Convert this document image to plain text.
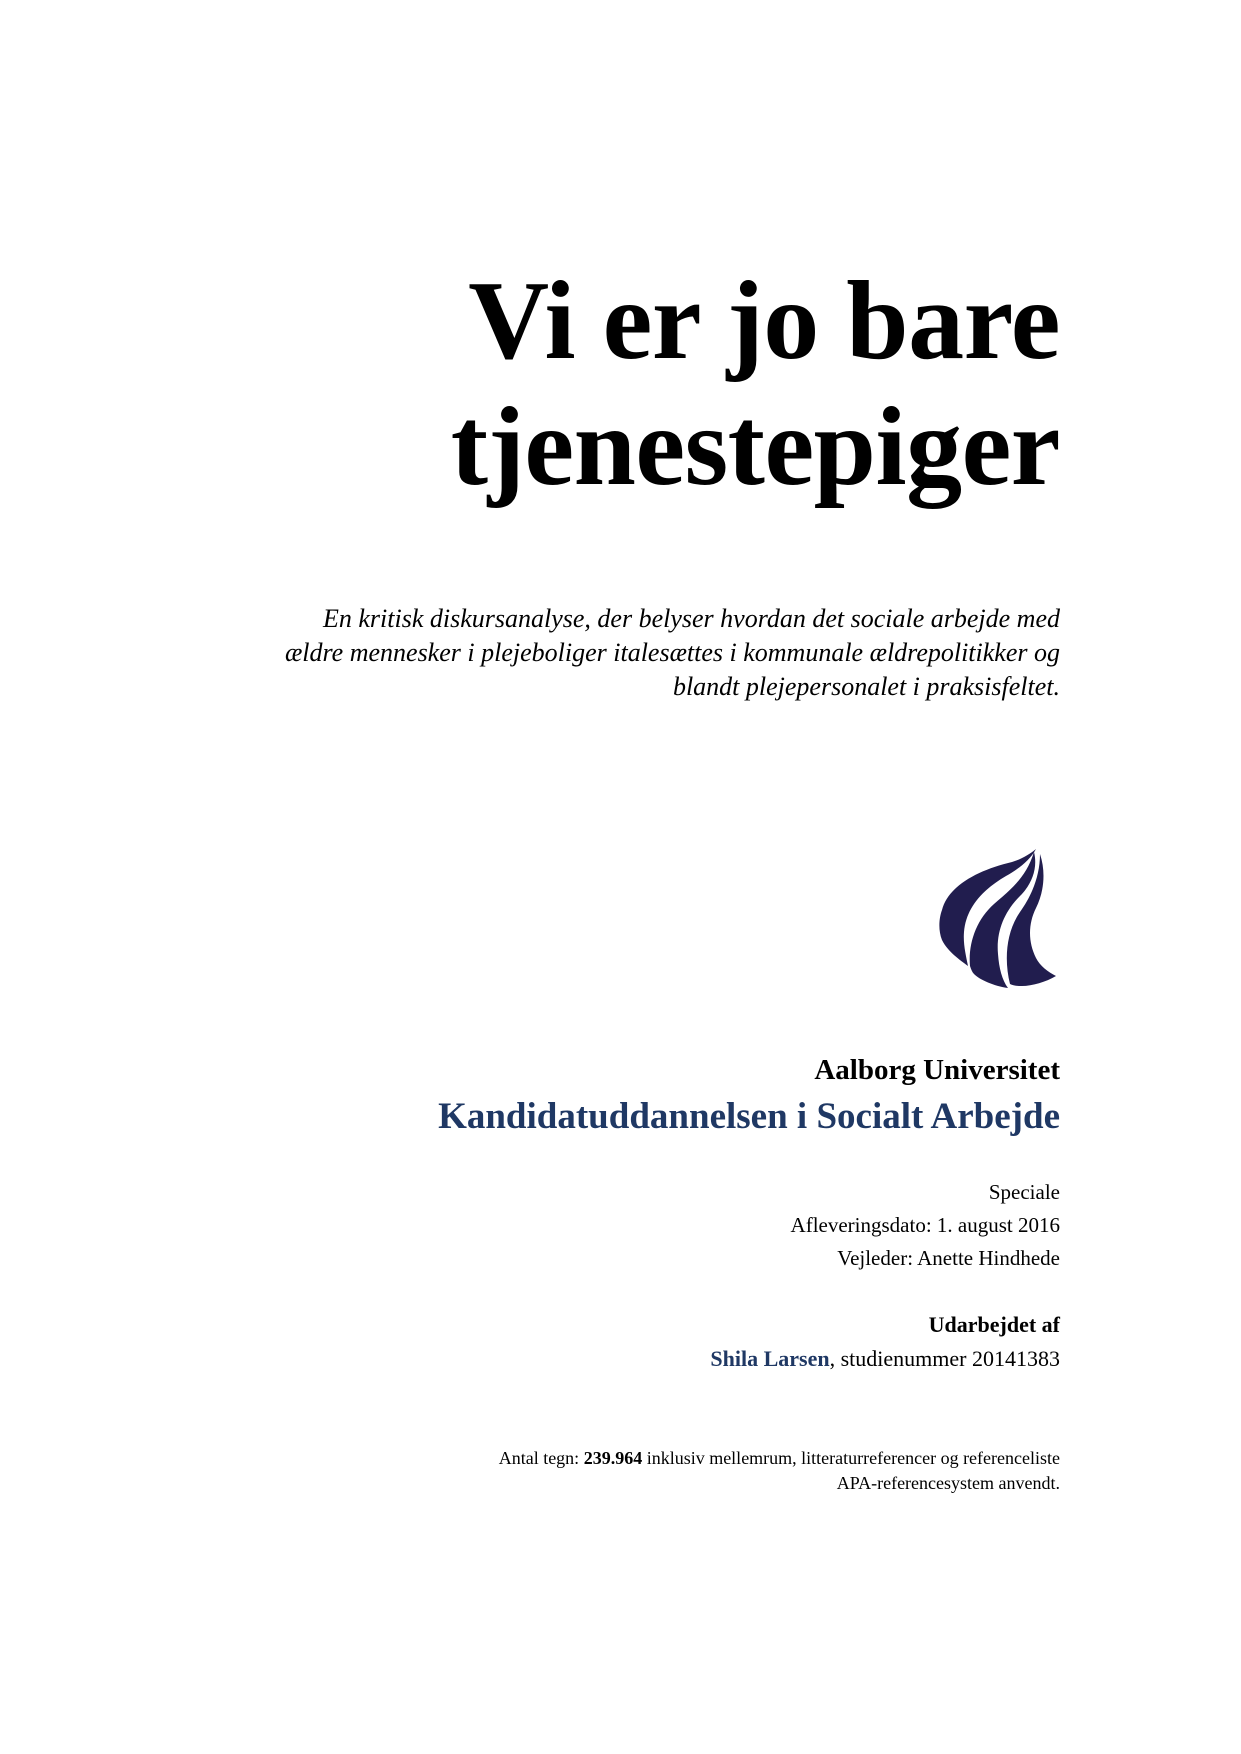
Vi er jo bare
tjenestepiger
En kritisk diskursanalyse, der belyser hvordan det sociale arbejde med
ældre mennesker i plejeboliger italesættes i kommunale ældrepolitikker og
blandt plejepersonalet i praksisfeltet.
Aalborg Universitet
Kandidatuddannelsen i Socialt Arbejde
Speciale
Afleveringsdato: 1. august 2016
Vejleder: Anette Hindhede
Udarbejdet af
Shila Larsen, studienummer 20141383
Antal tegn: 239.964 inklusiv mellemrum, litteraturreferencer og referenceliste
APA-referencesystem anvendt.
